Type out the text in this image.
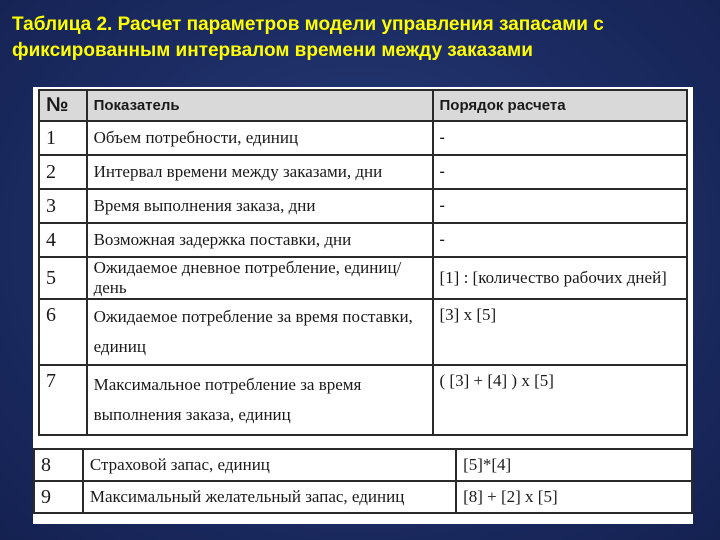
Таблица 2. Расчет параметров модели управления запасами с
фиксированным интервалом времени между заказами
№	Показатель	Порядок расчета
1	Объем потребности, единиц	-
2	Интервал времени между заказами, дни	-
3	Время выполнения заказа, дни	-
4	Возможная задержка поставки, дни	-
5	Ожидаемое дневное потребление, единиц/день	[1] : [количество рабочих дней]
6	Ожидаемое потребление за время поставки, единиц	[3] х [5]
7	Максимальное потребление за время выполнения заказа, единиц	( [3] + [4] ) х [5]
8	Страховой запас, единиц	[5]*[4]
9	Максимальный желательный запас, единиц	[8] + [2] х [5]
